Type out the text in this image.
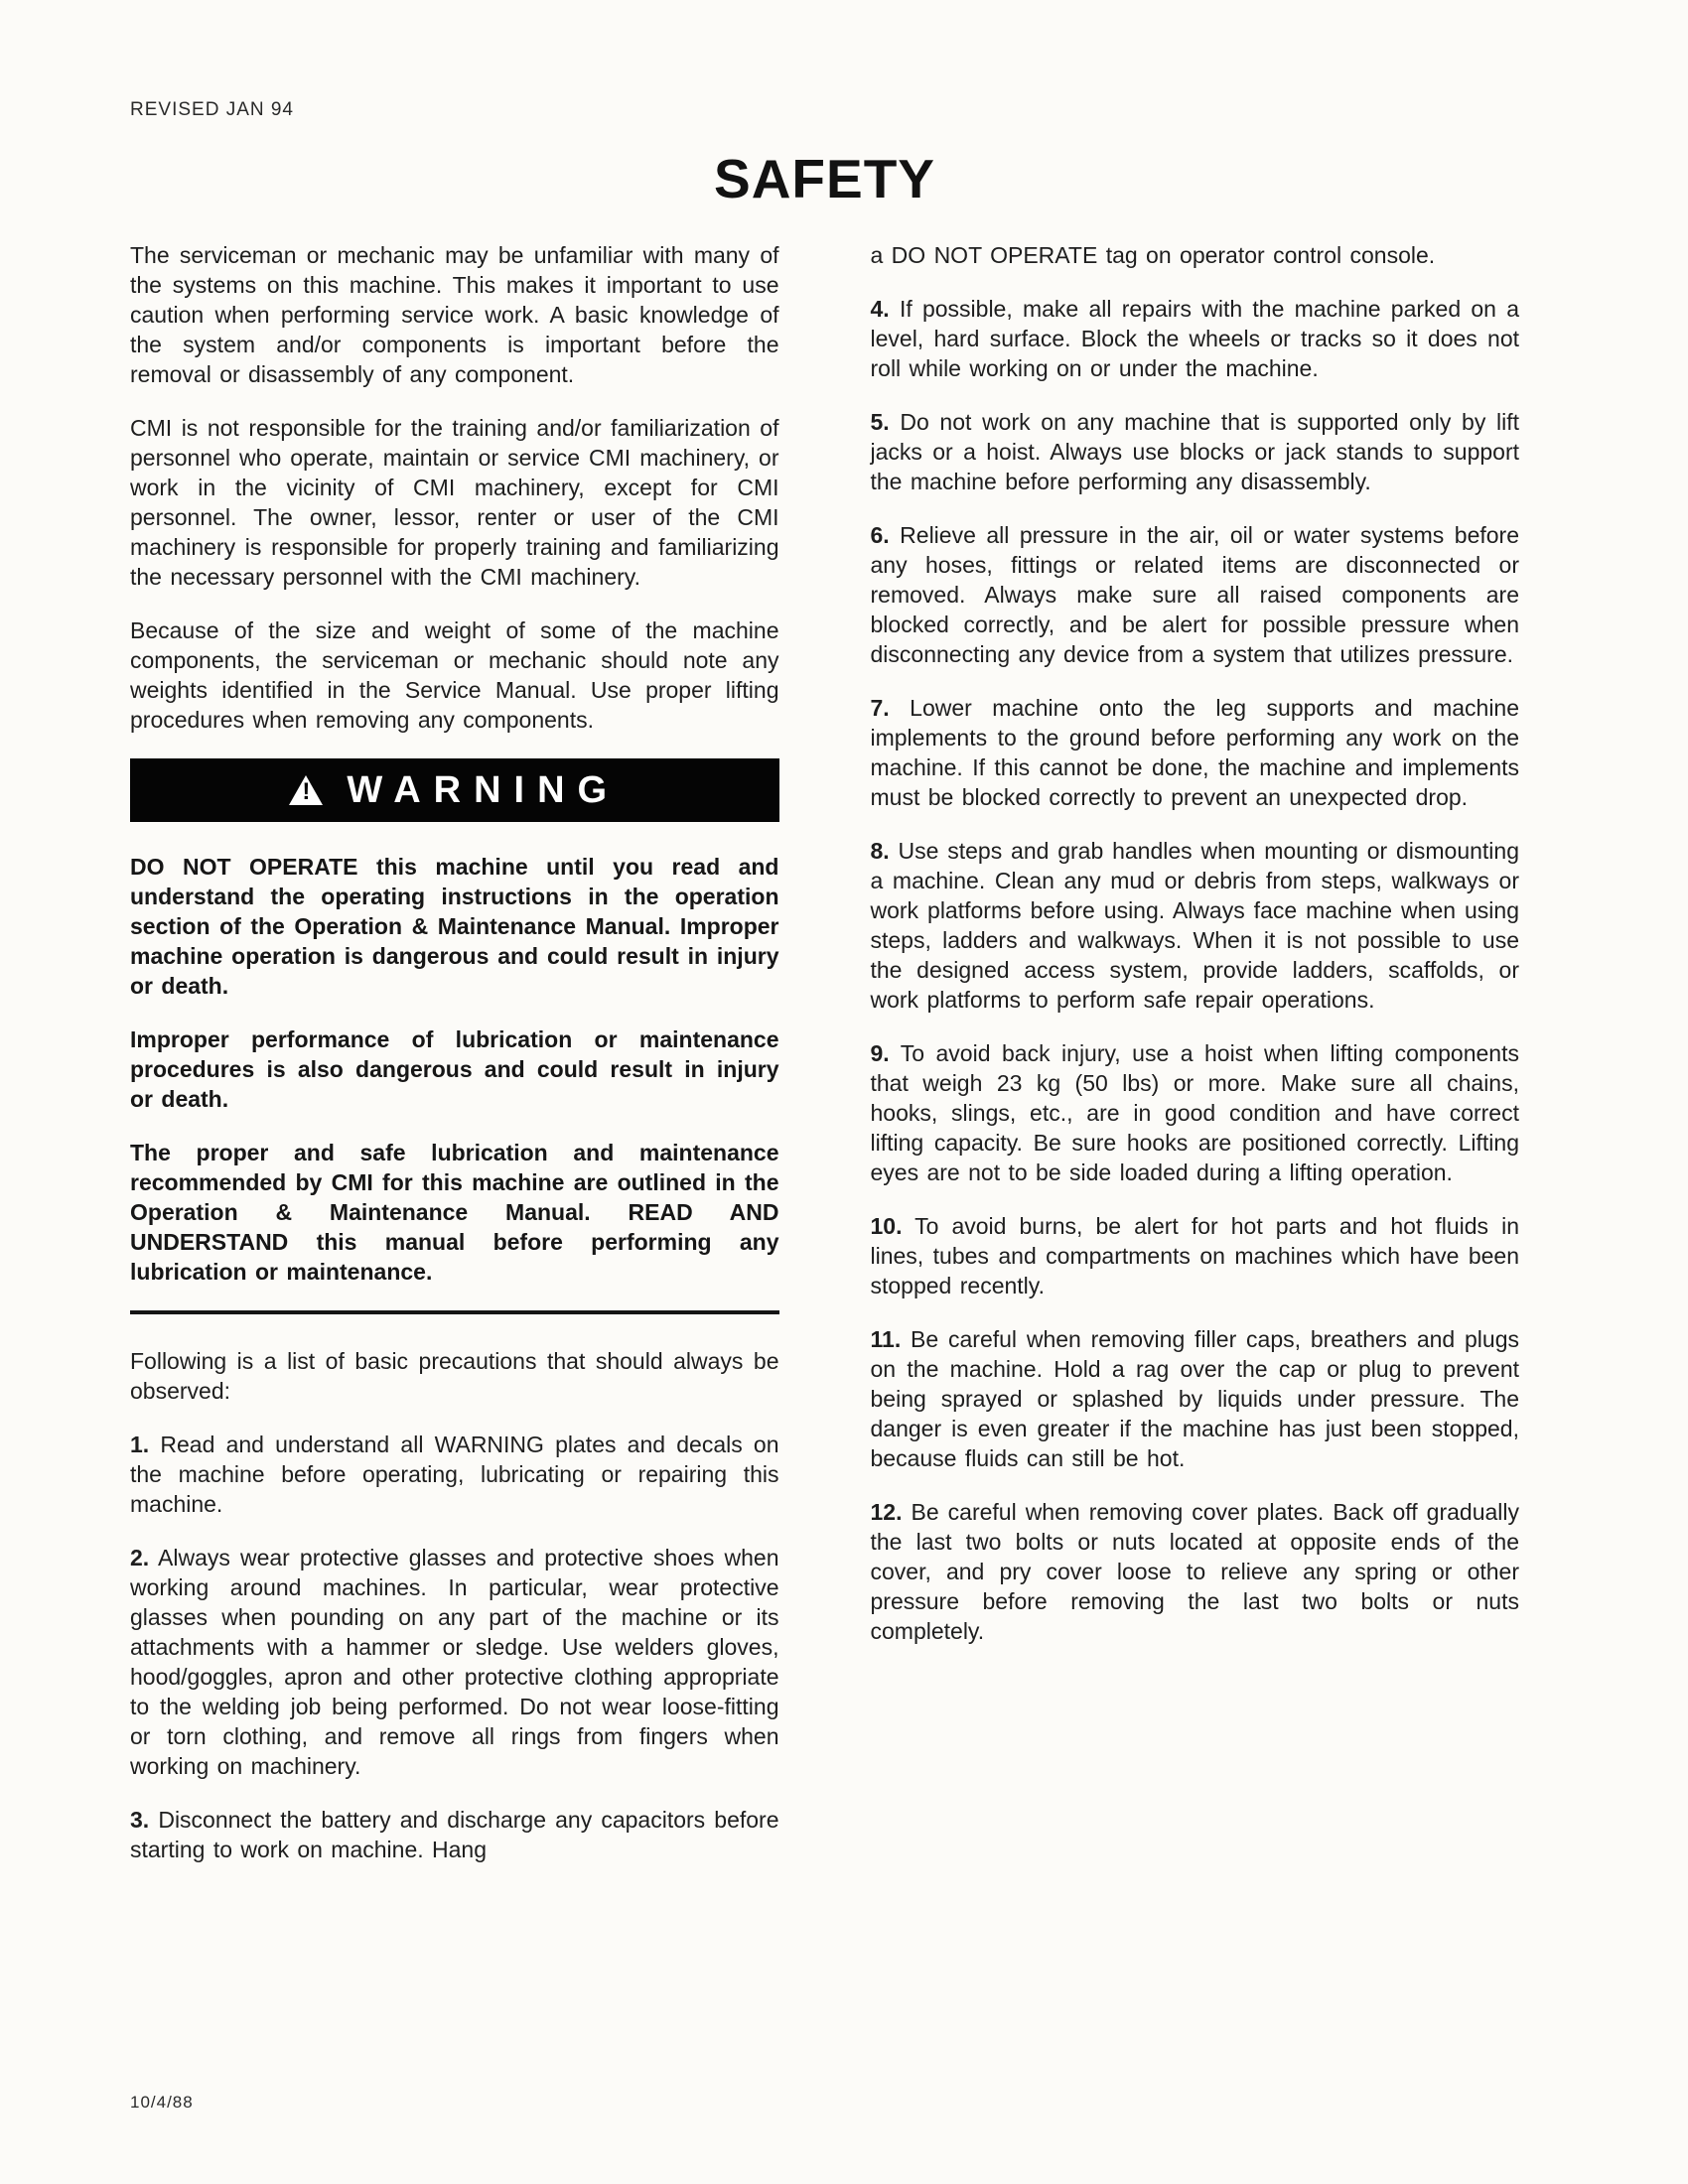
REVISED JAN 94
SAFETY

The serviceman or mechanic may be unfamiliar with many of the systems on this machine. This makes it important to use caution when performing service work. A basic knowledge of the system and/or components is important before the removal or disassembly of any component.

CMI is not responsible for the training and/or familiarization of personnel who operate, maintain or service CMI machinery, or work in the vicinity of CMI machinery, except for CMI personnel. The owner, lessor, renter or user of the CMI machinery is responsible for properly training and familiarizing the necessary personnel with the CMI machinery.

Because of the size and weight of some of the machine components, the serviceman or mechanic should note any weights identified in the Service Manual. Use proper lifting procedures when removing any components.

!
WARNING

DO NOT OPERATE this machine until you read and understand the operating instructions in the operation section of the Operation & Maintenance Manual. Improper machine operation is dangerous and could result in injury or death.

Improper performance of lubrication or maintenance procedures is also dangerous and could result in injury or death.

The proper and safe lubrication and maintenance recommended by CMI for this machine are outlined in the Operation & Maintenance Manual. READ AND UNDERSTAND this manual before performing any lubrication or maintenance.

Following is a list of basic precautions that should always be observed:

1. Read and understand all WARNING plates and decals on the machine before operating, lubricating or repairing this machine.

2. Always wear protective glasses and protective shoes when working around machines. In particular, wear protective glasses when pounding on any part of the machine or its attachments with a hammer or sledge. Use welders gloves, hood/goggles, apron and other protective clothing appropriate to the welding job being performed. Do not wear loose-fitting or torn clothing, and remove all rings from fingers when working on machinery.

3. Disconnect the battery and discharge any capacitors before starting to work on machine. Hang

a DO NOT OPERATE tag on operator control console.

4. If possible, make all repairs with the machine parked on a level, hard surface. Block the wheels or tracks so it does not roll while working on or under the machine.

5. Do not work on any machine that is supported only by lift jacks or a hoist. Always use blocks or jack stands to support the machine before performing any disassembly.

6. Relieve all pressure in the air, oil or water systems before any hoses, fittings or related items are disconnected or removed. Always make sure all raised components are blocked correctly, and be alert for possible pressure when disconnecting any device from a system that utilizes pressure.

7. Lower machine onto the leg supports and machine implements to the ground before performing any work on the machine. If this cannot be done, the machine and implements must be blocked correctly to prevent an unexpected drop.

8. Use steps and grab handles when mounting or dismounting a machine. Clean any mud or debris from steps, walkways or work platforms before using. Always face machine when using steps, ladders and walkways. When it is not possible to use the designed access system, provide ladders, scaffolds, or work platforms to perform safe repair operations.

9. To avoid back injury, use a hoist when lifting components that weigh 23 kg (50 lbs) or more. Make sure all chains, hooks, slings, etc., are in good condition and have correct lifting capacity. Be sure hooks are positioned correctly. Lifting eyes are not to be side loaded during a lifting operation.

10. To avoid burns, be alert for hot parts and hot fluids in lines, tubes and compartments on machines which have been stopped recently.

11. Be careful when removing filler caps, breathers and plugs on the machine. Hold a rag over the cap or plug to prevent being sprayed or splashed by liquids under pressure. The danger is even greater if the machine has just been stopped, because fluids can still be hot.

12. Be careful when removing cover plates. Back off gradually the last two bolts or nuts located at opposite ends of the cover, and pry cover loose to relieve any spring or other pressure before removing the last two bolts or nuts completely.

10/4/88
